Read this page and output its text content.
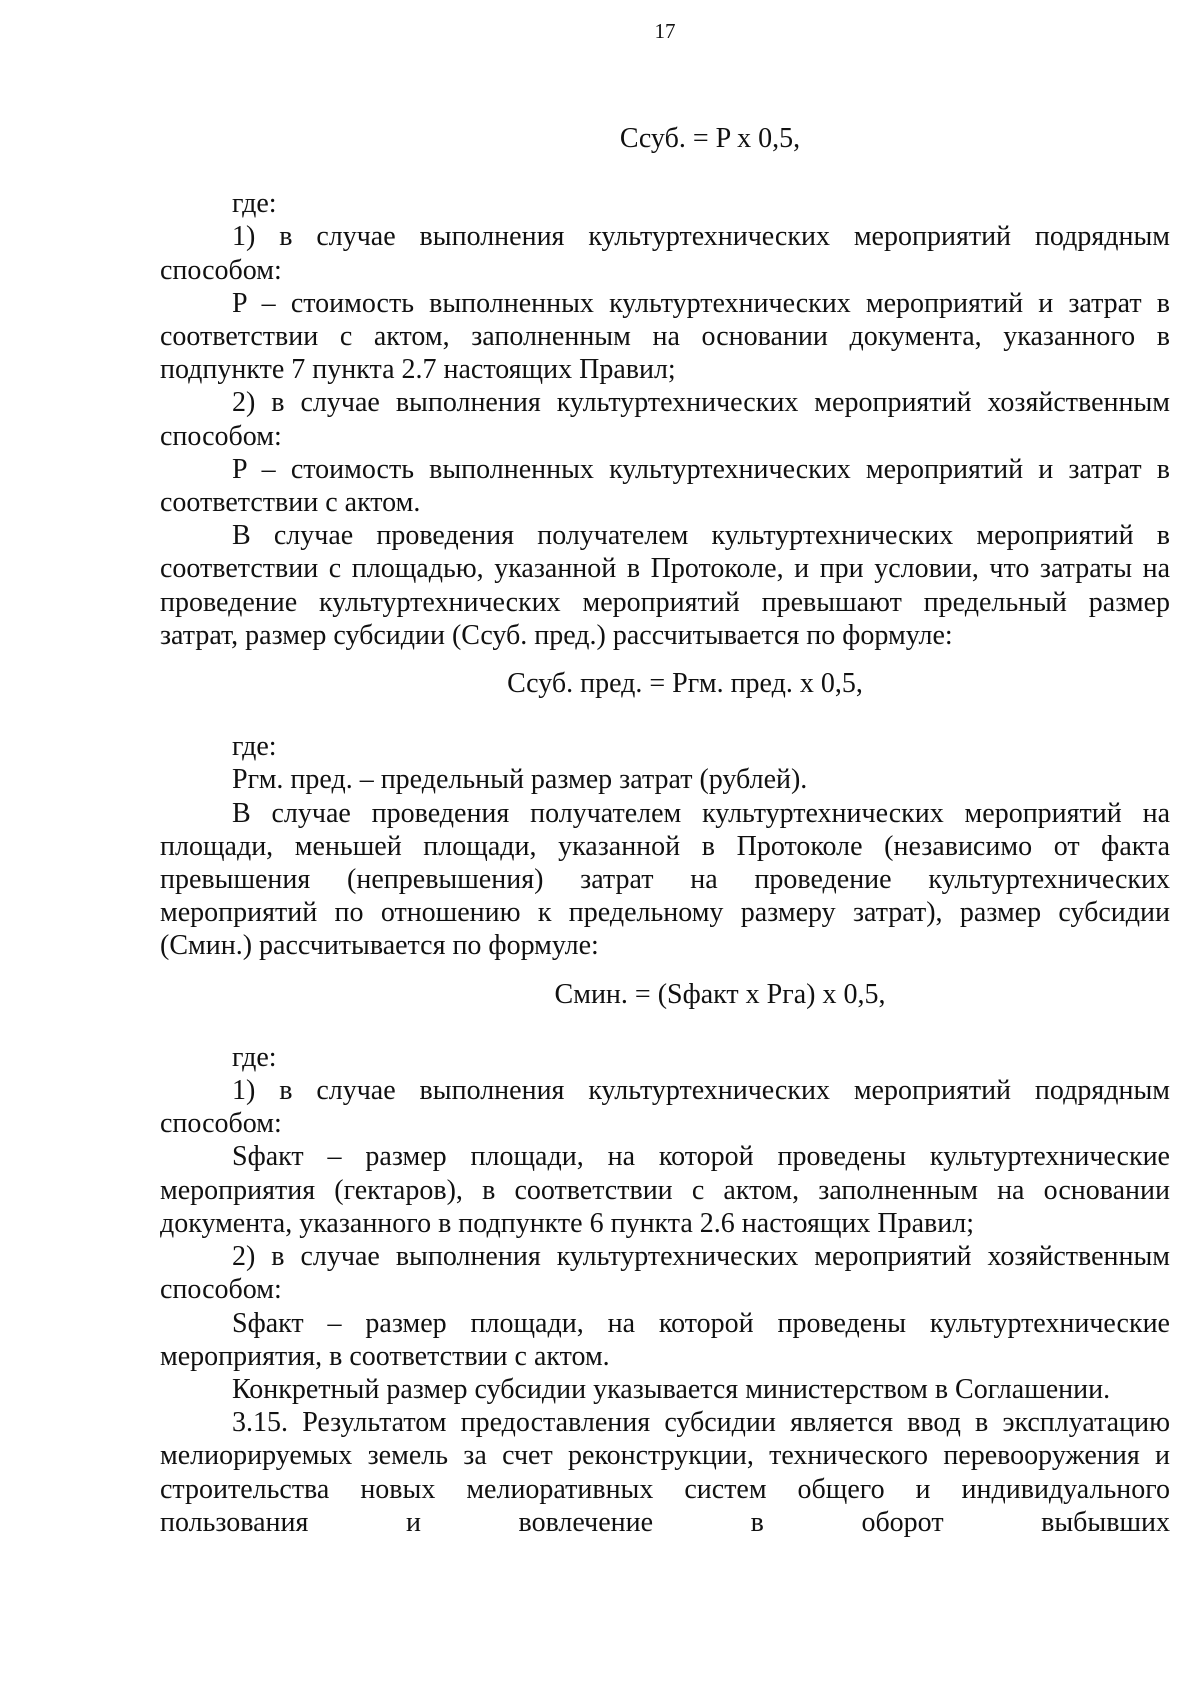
17

Ссуб. = P x 0,5,

где:

1) в случае выполнения культуртехнических мероприятий подрядным способом:

P – стоимость выполненных культуртехнических мероприятий и затрат в соответствии с актом, заполненным на основании документа, указанного в подпункте 7 пункта 2.7 настоящих Правил;

2) в случае выполнения культуртехнических мероприятий хозяйственным способом:

P – стоимость выполненных культуртехнических мероприятий и затрат в соответствии с актом.

В случае проведения получателем культуртехнических мероприятий в соответствии с площадью, указанной в Протоколе, и при условии, что затраты на проведение культуртехнических мероприятий превышают предельный размер затрат, размер субсидии (Ссуб. пред.) рассчитывается по формуле:

Ссуб. пред. = Pгм. пред. x 0,5,

где:

Pгм. пред. – предельный размер затрат (рублей).

В случае проведения получателем культуртехнических мероприятий на площади, меньшей площади, указанной в Протоколе (независимо от факта превышения (непревышения) затрат на проведение культуртехнических мероприятий по отношению к предельному размеру затрат), размер субсидии (Смин.) рассчитывается по формуле:

Смин. = (Sфакт x Pга) x 0,5,

где:

1) в случае выполнения культуртехнических мероприятий подрядным способом:

Sфакт – размер площади, на которой проведены культуртехнические мероприятия (гектаров), в соответствии с актом, заполненным на основании документа, указанного в подпункте 6 пункта 2.6 настоящих Правил;

2) в случае выполнения культуртехнических мероприятий хозяйственным способом:

Sфакт – размер площади, на которой проведены культуртехнические мероприятия, в соответствии с актом.

Конкретный размер субсидии указывается министерством в Соглашении.

3.15. Результатом предоставления субсидии является ввод в эксплуатацию мелиорируемых земель за счет реконструкции, технического перевооружения и строительства новых мелиоративных систем общего и индивидуального пользования и вовлечение в оборот выбывших
